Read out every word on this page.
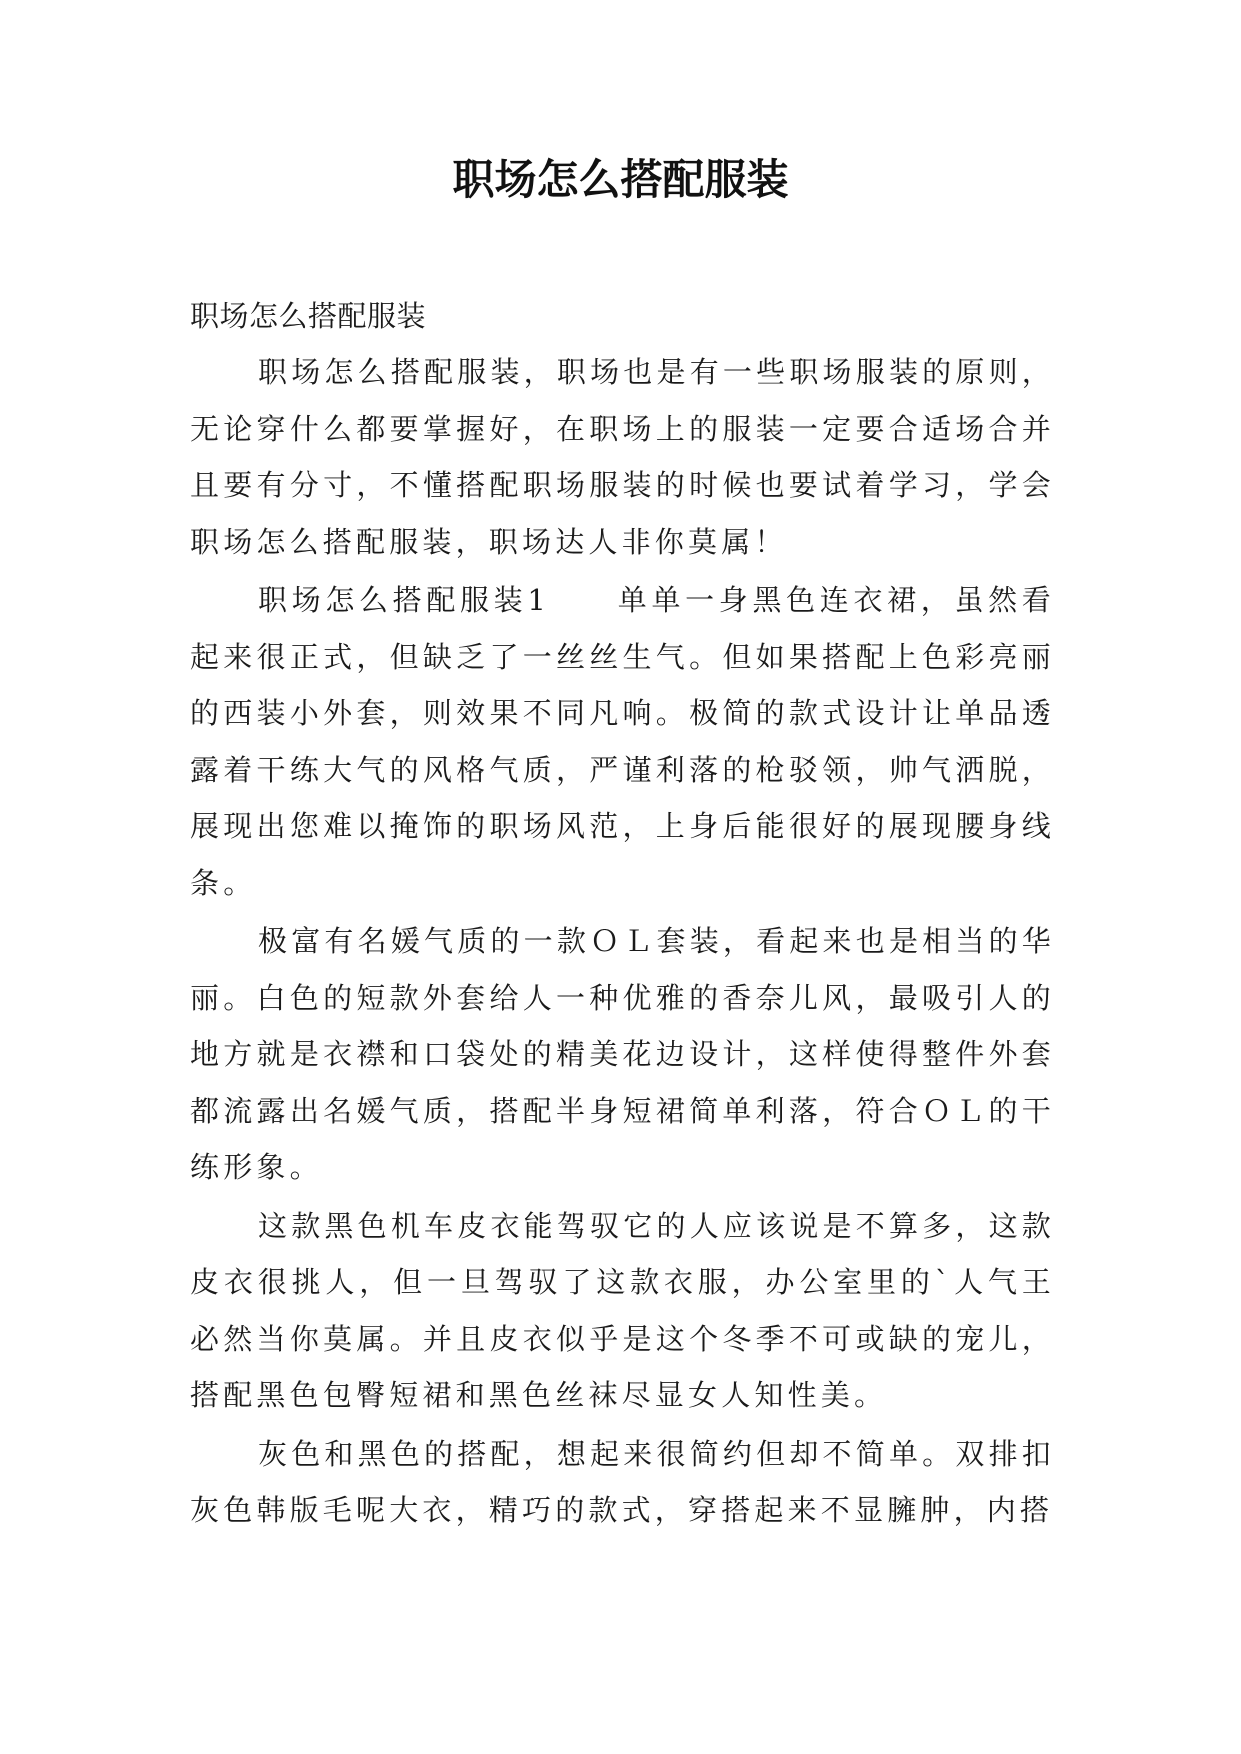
职场怎么搭配服装

职场怎么搭配服装

职场怎么搭配服装，职场也是有一些职场服装的原则，无论穿什么都要掌握好，在职场上的服装一定要合适场合并且要有分寸，不懂搭配职场服装的时候也要试着学习，学会职场怎么搭配服装，职场达人非你莫属！

职场怎么搭配服装1　　单单一身黑色连衣裙，虽然看起来很正式，但缺乏了一丝丝生气。但如果搭配上色彩亮丽的西装小外套，则效果不同凡响。极简的款式设计让单品透露着干练大气的风格气质，严谨利落的枪驳领，帅气洒脱，展现出您难以掩饰的职场风范，上身后能很好的展现腰身线条。

极富有名媛气质的一款ＯＬ套装，看起来也是相当的华丽。白色的短款外套给人一种优雅的香奈儿风，最吸引人的地方就是衣襟和口袋处的精美花边设计，这样使得整件外套都流露出名媛气质，搭配半身短裙简单利落，符合ＯＬ的干练形象。

这款黑色机车皮衣能驾驭它的人应该说是不算多，这款皮衣很挑人，但一旦驾驭了这款衣服，办公室里的`人气王必然当你莫属。并且皮衣似乎是这个冬季不可或缺的宠儿，搭配黑色包臀短裙和黑色丝袜尽显女人知性美。

灰色和黑色的搭配，想起来很简约但却不简单。双排扣灰色韩版毛呢大衣，精巧的款式，穿搭起来不显臃肿，内搭
